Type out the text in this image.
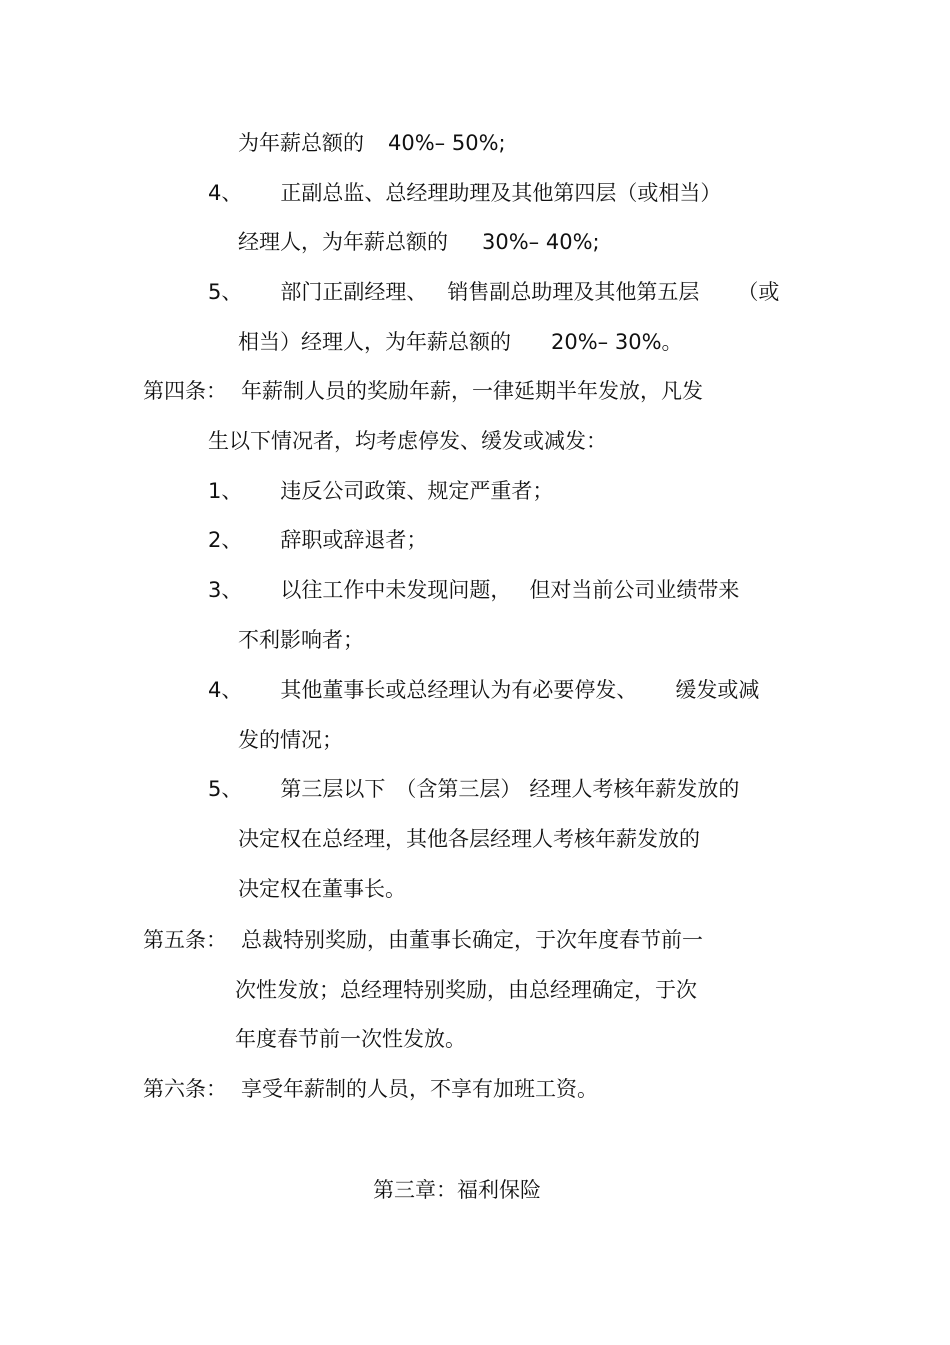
为年薪总额的 40%– 50%;
4、 正副总监、总经理助理及其他第四层（或相当）
经理人，为年薪总额的 30%– 40%;
5、 部门正副经理、 销售副总助理及其他第五层 （或
相当）经理人，为年薪总额的 20%– 30%。
第四条： 年薪制人员的奖励年薪，一律延期半年发放，凡发
生以下情况者，均考虑停发、缓发或减发：
1、 违反公司政策、规定严重者；
2、 辞职或辞退者；
3、 以往工作中未发现问题， 但对当前公司业绩带来
不利影响者；
4、 其他董事长或总经理认为有必要停发、 缓发或减
发的情况；
5、 第三层以下 （含第三层） 经理人考核年薪发放的
决定权在总经理，其他各层经理人考核年薪发放的
决定权在董事长。
第五条： 总裁特别奖励，由董事长确定，于次年度春节前一
次性发放；总经理特别奖励，由总经理确定，于次
年度春节前一次性发放。
第六条： 享受年薪制的人员，不享有加班工资。
第三章：福利保险
